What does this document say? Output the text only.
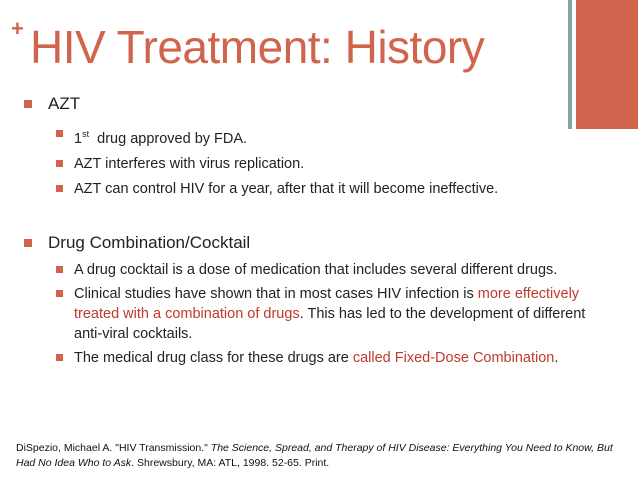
+ HIV Treatment: History

AZT

1st  drug approved by FDA.

AZT interferes with virus replication.

AZT can control HIV for a year, after that it will become ineffective.

Drug Combination/Cocktail

A drug cocktail is a dose of medication that includes several different drugs.

Clinical studies have shown that in most cases HIV infection is more effectively treated with a combination of drugs. This has led to the development of different anti-viral cocktails.

The medical drug class for these drugs are called Fixed-Dose Combination.

DiSpezio, Michael A. "HIV Transmission." The Science, Spread, and Therapy of HIV Disease: Everything You Need to Know, But Had No Idea Who to Ask. Shrewsbury, MA: ATL, 1998. 52-65. Print.
